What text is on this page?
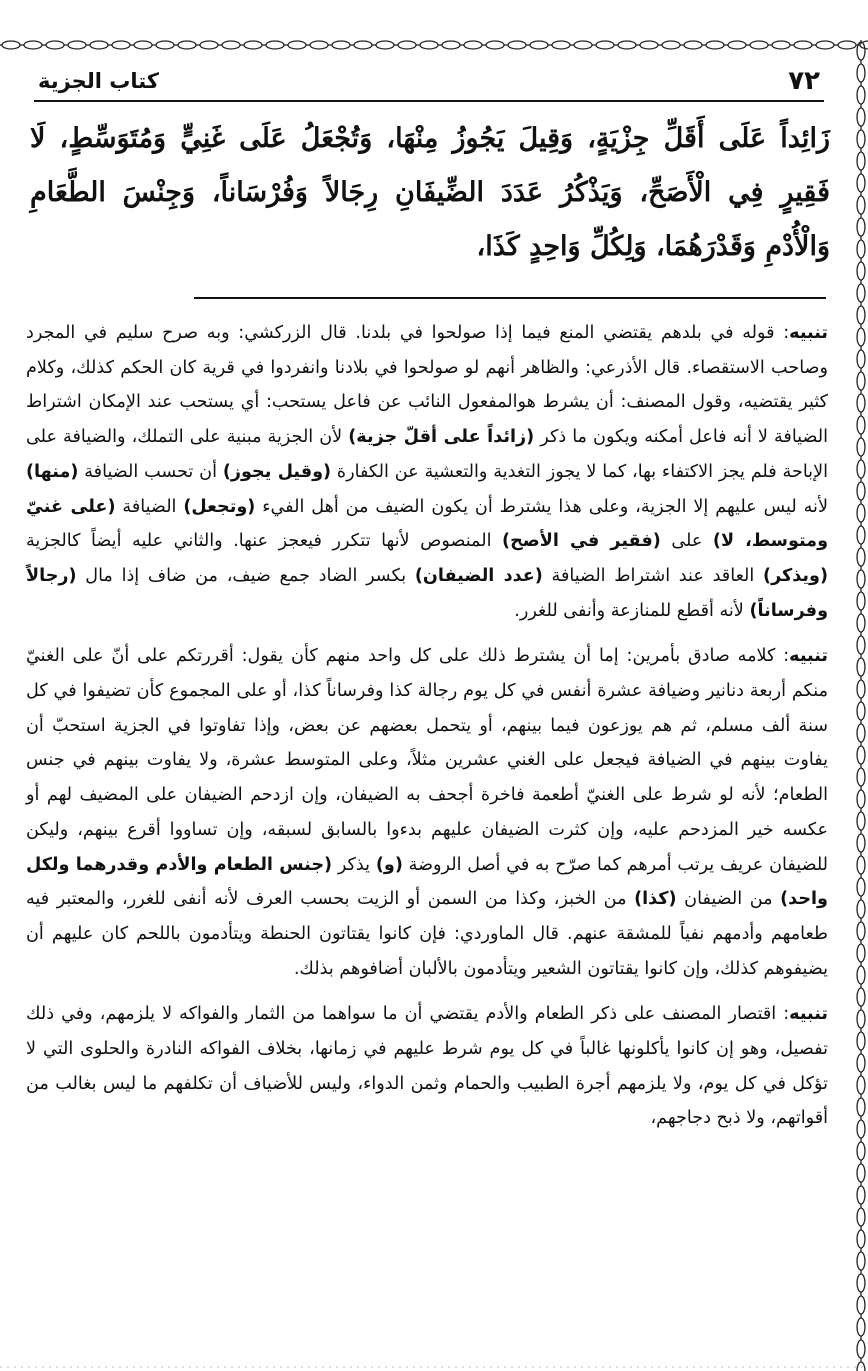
٧٢
كتاب الجزية
زَائِداً عَلَى أَقَلِّ جِزْيَةٍ، وَقِيلَ يَجُوزُ مِنْهَا، وَتُجْعَلُ عَلَى غَنِيٍّ وَمُتَوَسِّطٍ، لَا فَقِيرٍ فِي الْأَصَحِّ، وَيَذْكُرُ عَدَدَ الضِّيفَانِ رِجَالاً وَفُرْسَاناً، وَجِنْسَ الطَّعَامِ وَالْأُدْمِ وَقَدْرَهُمَا، وَلِكُلِّ وَاحِدٍ كَذَا،

تنبيه: قوله في بلدهم يقتضي المنع فيما إذا صولحوا في بلدنا. قال الزركشي: وبه صرح سليم في المجرد وصاحب الاستقصاء. قال الأذرعي: والظاهر أنهم لو صولحوا في بلادنا وانفردوا في قرية كان الحكم كذلك، وكلام كثير يقتضيه، وقول المصنف: أن يشرط هوالمفعول النائب عن فاعل يستحب: أي يستحب عند الإمكان اشتراط الضيافة لا أنه فاعل أمكنه ويكون ما ذكر (زائداً على أقلّ جزية) لأن الجزية مبنية على التملك، والضيافة على الإباحة فلم يجز الاكتفاء بها، كما لا يجوز التغدية والتعشية عن الكفارة (وقيل يجوز) أن تحسب الضيافة (منها) لأنه ليس عليهم إلا الجزية، وعلى هذا يشترط أن يكون الضيف من أهل الفيء (وتجعل) الضيافة (على غنيّ ومتوسط، لا) على (فقير في الأصح) المنصوص لأنها تتكرر فيعجز عنها. والثاني عليه أيضاً كالجزية (ويذكر) العاقد عند اشتراط الضيافة (عدد الضيفان) بكسر الضاد جمع ضيف، من ضاف إذا مال (رجالاً وفرساناً) لأنه أقطع للمنازعة وأنفى للغرر.

تنبيه: كلامه صادق بأمرين: إما أن يشترط ذلك على كل واحد منهم كأن يقول: أقررتكم على أنّ على الغنيّ منكم أربعة دنانير وضيافة عشرة أنفس في كل يوم رجالة كذا وفرساناً كذا، أو على المجموع كأن تضيفوا في كل سنة ألف مسلم، ثم هم يوزعون فيما بينهم، أو يتحمل بعضهم عن بعض، وإذا تفاوتوا في الجزية استحبّ أن يفاوت بينهم في الضيافة فيجعل على الغني عشرين مثلاً، وعلى المتوسط عشرة، ولا يفاوت بينهم في جنس الطعام؛ لأنه لو شرط على الغنيّ أطعمة فاخرة أجحف به الضيفان، وإن ازدحم الضيفان على المضيف لهم أو عكسه خير المزدحم عليه، وإن كثرت الضيفان عليهم بدءوا بالسابق لسبقه، وإن تساووا أقرع بينهم، وليكن للضيفان عريف يرتب أمرهم كما صرّح به في أصل الروضة (و) يذكر (جنس الطعام والأدم وقدرهما ولكل واحد) من الضيفان (كذا) من الخبز، وكذا من السمن أو الزيت بحسب العرف لأنه أنفى للغرر، والمعتبر فيه طعامهم وأدمهم نفياً للمشقة عنهم. قال الماوردي: فإن كانوا يقتاتون الحنطة ويتأدمون باللحم كان عليهم أن يضيفوهم كذلك، وإن كانوا يقتاتون الشعير ويتأدمون بالألبان أضافوهم بذلك.

تنبيه: اقتصار المصنف على ذكر الطعام والأدم يقتضي أن ما سواهما من الثمار والفواكه لا يلزمهم، وفي ذلك تفصيل، وهو إن كانوا يأكلونها غالباً في كل يوم شرط عليهم في زمانها، بخلاف الفواكه النادرة والحلوى التي لا تؤكل في كل يوم، ولا يلزمهم أجرة الطبيب والحمام وثمن الدواء، وليس للأضياف أن تكلفهم ما ليس بغالب من أقواتهم، ولا ذبح دجاجهم،
